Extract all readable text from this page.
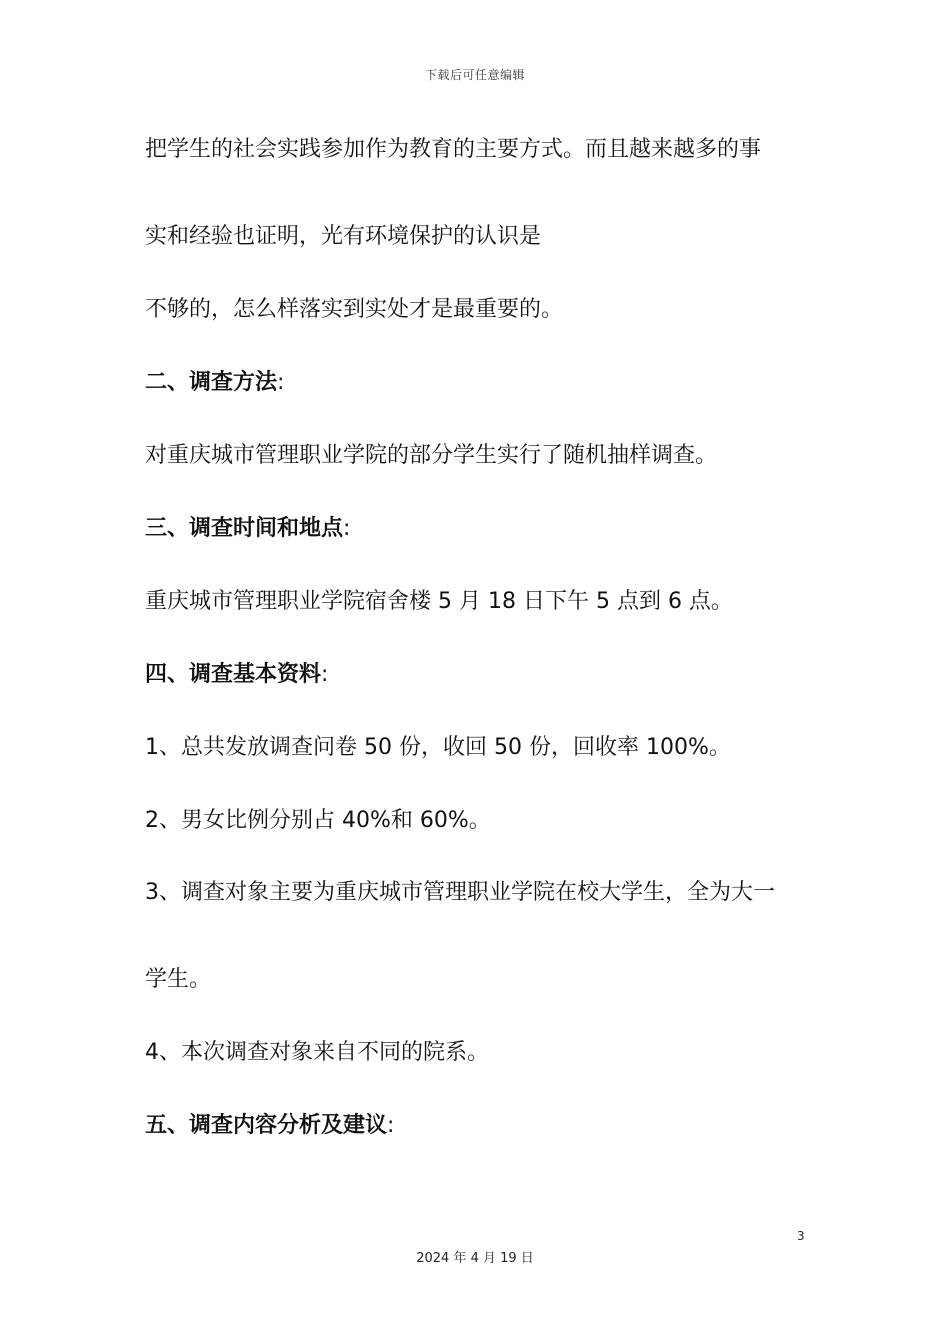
下载后可任意编辑
把学生的社会实践参加作为教育的主要方式。而且越来越多的事
实和经验也证明，光有环境保护的认识是
不够的，怎么样落实到实处才是最重要的。
二、调查方法:
对重庆城市管理职业学院的部分学生实行了随机抽样调查。
三、调查时间和地点:
重庆城市管理职业学院宿舍楼 5 月 18 日下午 5 点到 6 点。
四、调查基本资料:
1、总共发放调查问卷 50 份，收回 50 份，回收率 100%。
2、男女比例分别占 40%和 60%。
3、调查对象主要为重庆城市管理职业学院在校大学生，全为大一
学生。
4、本次调查对象来自不同的院系。
五、调查内容分析及建议:
3
2024 年 4 月 19 日
